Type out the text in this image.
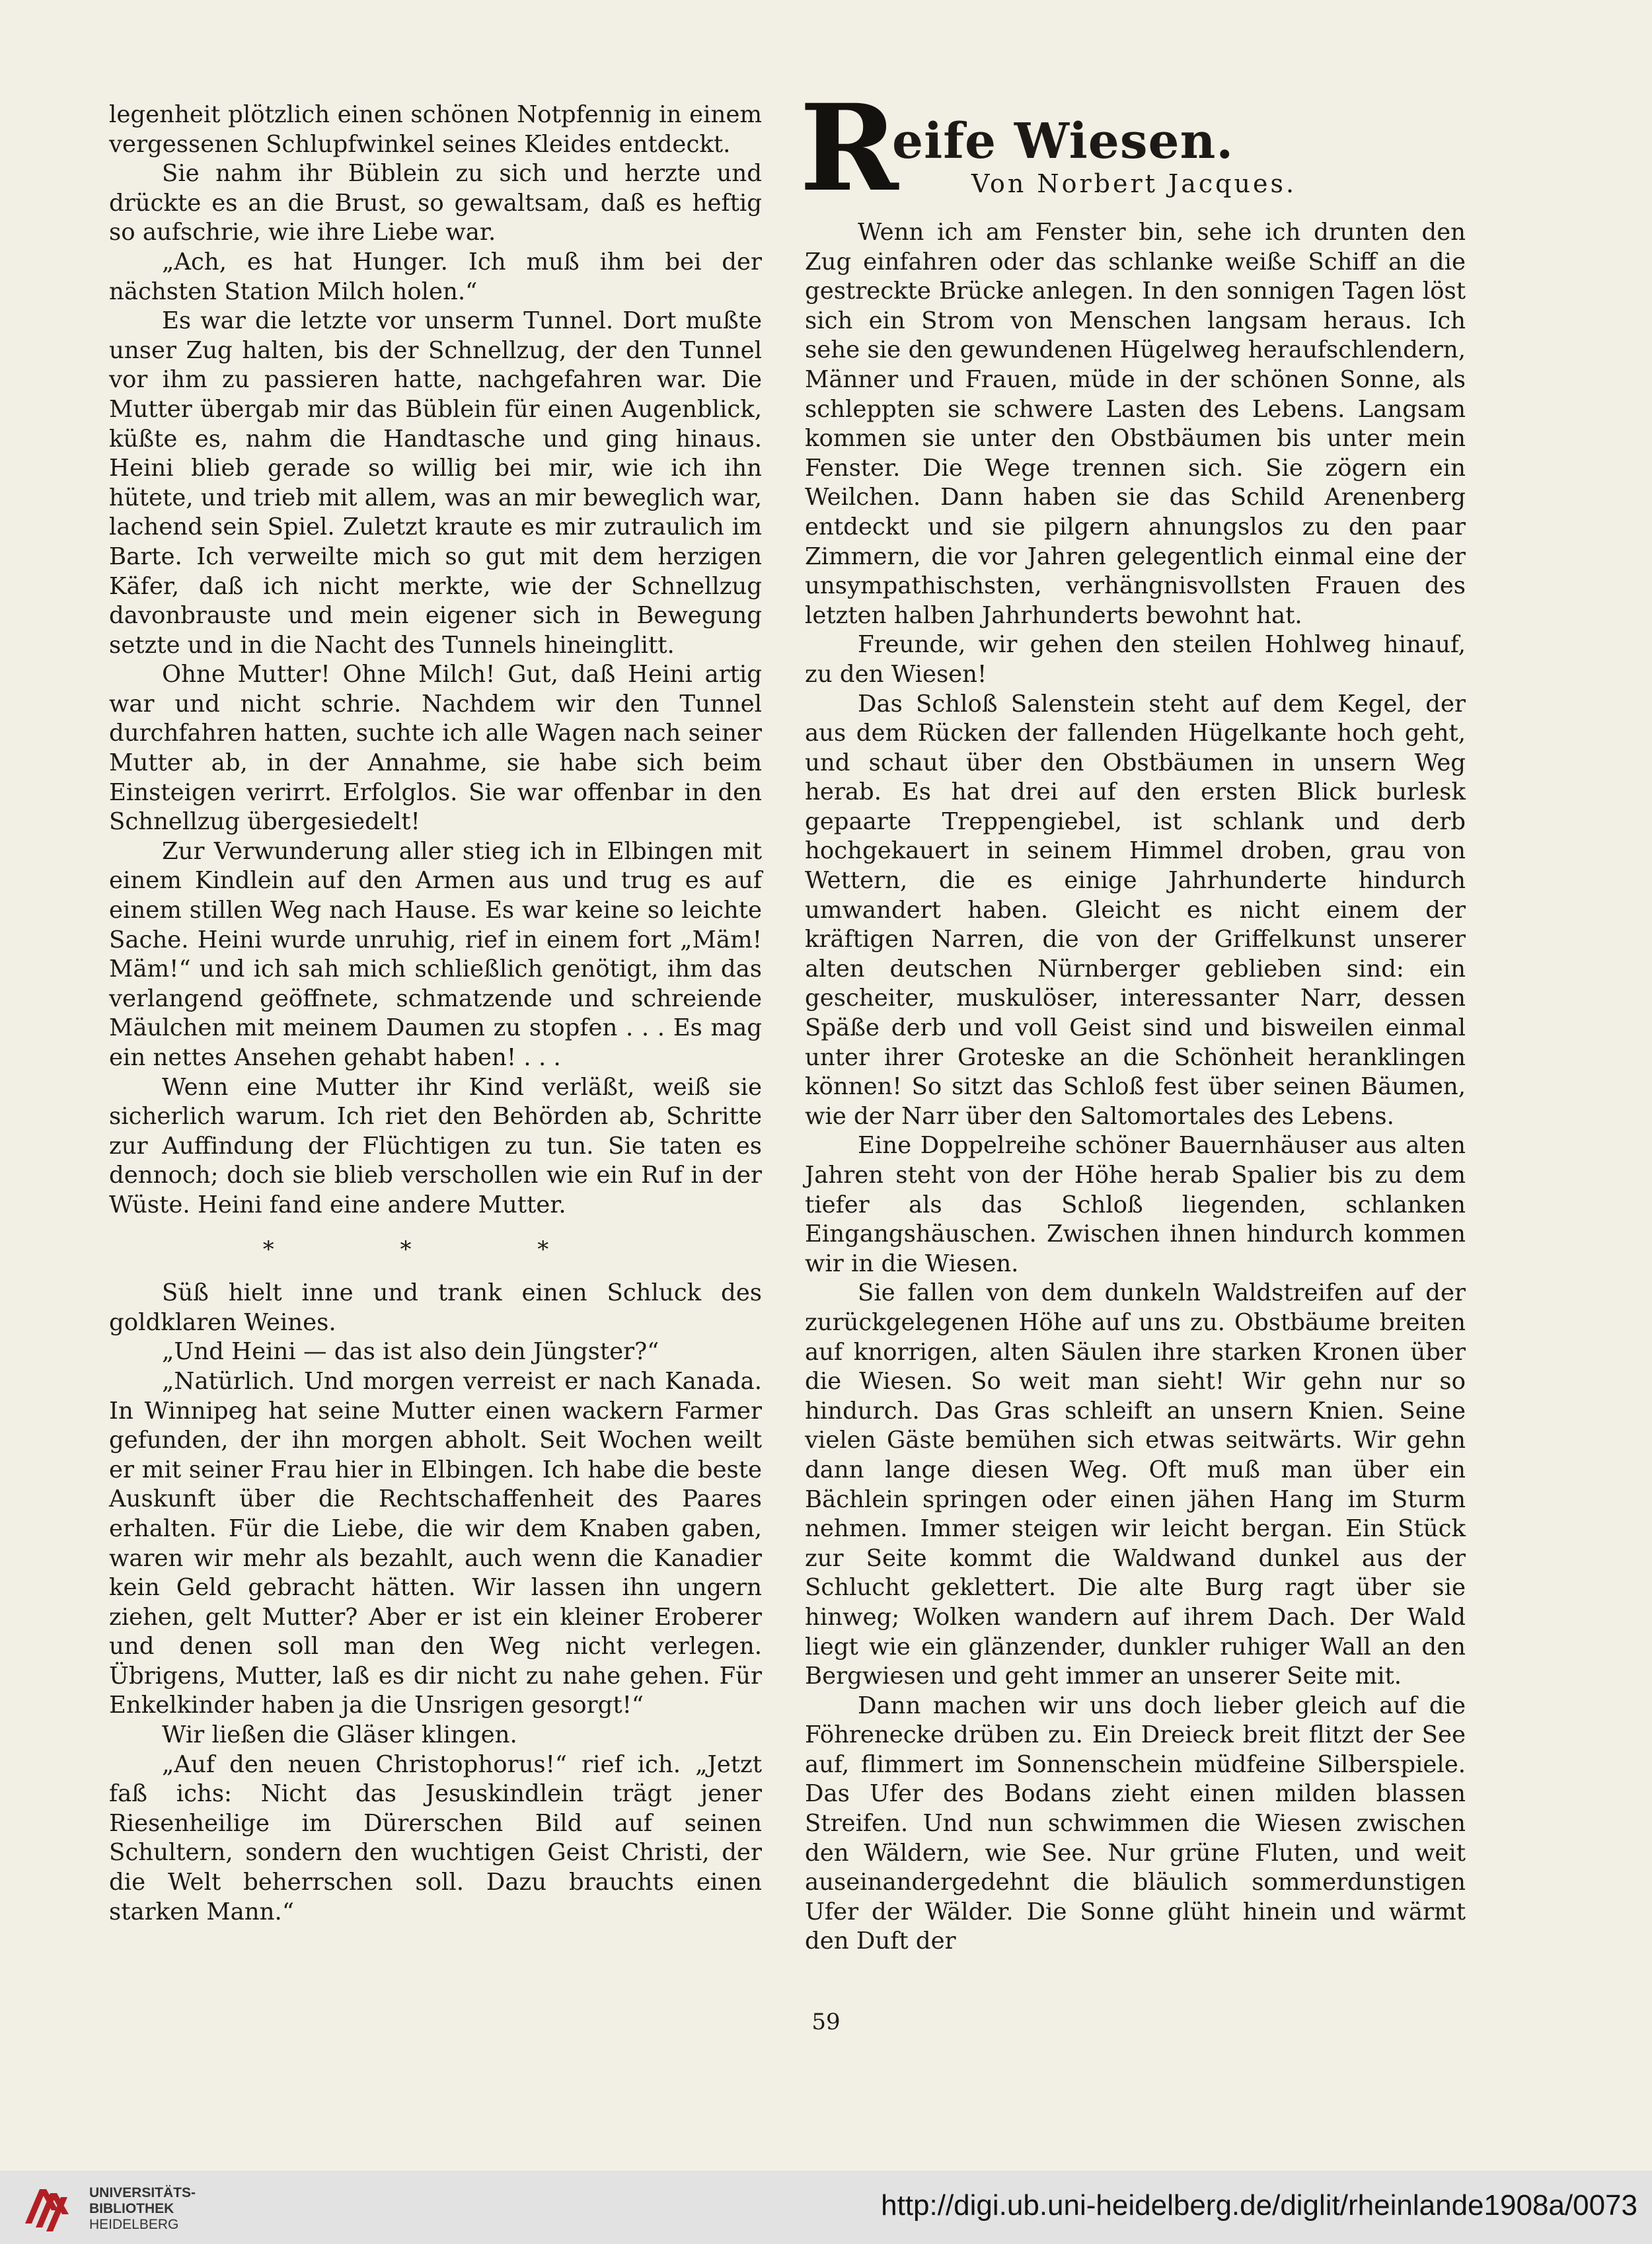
legenheit plötzlich einen schönen Notpfennig in einem vergessenen Schlupfwinkel seines Kleides entdeckt.

Sie nahm ihr Büblein zu sich und herzte und drückte es an die Brust, so gewaltsam, daß es heftig so aufschrie, wie ihre Liebe war.

„Ach, es hat Hunger. Ich muß ihm bei der nächsten Station Milch holen.“

Es war die letzte vor unserm Tunnel. Dort mußte unser Zug halten, bis der Schnellzug, der den Tunnel vor ihm zu passieren hatte, nachgefahren war. Die Mutter übergab mir das Büblein für einen Augenblick, küßte es, nahm die Handtasche und ging hinaus. Heini blieb gerade so willig bei mir, wie ich ihn hütete, und trieb mit allem, was an mir beweglich war, lachend sein Spiel. Zuletzt kraute es mir zutraulich im Barte. Ich verweilte mich so gut mit dem herzigen Käfer, daß ich nicht merkte, wie der Schnellzug davonbrauste und mein eigener sich in Bewegung setzte und in die Nacht des Tunnels hineinglitt.

Ohne Mutter! Ohne Milch! Gut, daß Heini artig war und nicht schrie. Nachdem wir den Tunnel durchfahren hatten, suchte ich alle Wagen nach seiner Mutter ab, in der Annahme, sie habe sich beim Einsteigen verirrt. Erfolglos. Sie war offenbar in den Schnellzug übergesiedelt!

Zur Verwunderung aller stieg ich in Elbingen mit einem Kindlein auf den Armen aus und trug es auf einem stillen Weg nach Hause. Es war keine so leichte Sache. Heini wurde unruhig, rief in einem fort „Mäm! Mäm!“ und ich sah mich schließlich genötigt, ihm das verlangend geöffnete, schmatzende und schreiende Mäulchen mit meinem Daumen zu stopfen . . . Es mag ein nettes Ansehen gehabt haben! . . .

Wenn eine Mutter ihr Kind verläßt, weiß sie sicherlich warum. Ich riet den Behörden ab, Schritte zur Auffindung der Flüchtigen zu tun. Sie taten es dennoch; doch sie blieb verschollen wie ein Ruf in der Wüste. Heini fand eine andere Mutter.

* * *

Süß hielt inne und trank einen Schluck des goldklaren Weines.

„Und Heini — das ist also dein Jüngster?“

„Natürlich. Und morgen verreist er nach Kanada. In Winnipeg hat seine Mutter einen wackern Farmer gefunden, der ihn morgen abholt. Seit Wochen weilt er mit seiner Frau hier in Elbingen. Ich habe die beste Auskunft über die Rechtschaffenheit des Paares erhalten. Für die Liebe, die wir dem Knaben gaben, waren wir mehr als bezahlt, auch wenn die Kanadier kein Geld gebracht hätten. Wir lassen ihn ungern ziehen, gelt Mutter? Aber er ist ein kleiner Eroberer und denen soll man den Weg nicht verlegen. Übrigens, Mutter, laß es dir nicht zu nahe gehen. Für Enkelkinder haben ja die Unsrigen gesorgt!“

Wir ließen die Gläser klingen.

„Auf den neuen Christophorus!“ rief ich. „Jetzt faß ichs: Nicht das Jesuskindlein trägt jener Riesenheilige im Dürerschen Bild auf seinen Schultern, sondern den wuchtigen Geist Christi, der die Welt beherrschen soll. Dazu brauchts einen starken Mann.“

R
eife Wiesen.
Von Norbert Jacques.

Wenn ich am Fenster bin, sehe ich drunten den Zug einfahren oder das schlanke weiße Schiff an die gestreckte Brücke anlegen. In den sonnigen Tagen löst sich ein Strom von Menschen langsam heraus. Ich sehe sie den gewundenen Hügelweg heraufschlendern, Männer und Frauen, müde in der schönen Sonne, als schleppten sie schwere Lasten des Lebens. Langsam kommen sie unter den Obstbäumen bis unter mein Fenster. Die Wege trennen sich. Sie zögern ein Weilchen. Dann haben sie das Schild Arenenberg entdeckt und sie pilgern ahnungslos zu den paar Zimmern, die vor Jahren gelegentlich einmal eine der unsympathischsten, verhängnisvollsten Frauen des letzten halben Jahrhunderts bewohnt hat.

Freunde, wir gehen den steilen Hohlweg hinauf, zu den Wiesen!

Das Schloß Salenstein steht auf dem Kegel, der aus dem Rücken der fallenden Hügelkante hoch geht, und schaut über den Obstbäumen in unsern Weg herab. Es hat drei auf den ersten Blick burlesk gepaarte Treppengiebel, ist schlank und derb hochgekauert in seinem Himmel droben, grau von Wettern, die es einige Jahrhunderte hindurch umwandert haben. Gleicht es nicht einem der kräftigen Narren, die von der Griffelkunst unserer alten deutschen Nürnberger geblieben sind: ein gescheiter, muskulöser, interessanter Narr, dessen Späße derb und voll Geist sind und bisweilen einmal unter ihrer Groteske an die Schönheit heranklingen können! So sitzt das Schloß fest über seinen Bäumen, wie der Narr über den Saltomortales des Lebens.

Eine Doppelreihe schöner Bauernhäuser aus alten Jahren steht von der Höhe herab Spalier bis zu dem tiefer als das Schloß liegenden, schlanken Eingangshäuschen. Zwischen ihnen hindurch kommen wir in die Wiesen.

Sie fallen von dem dunkeln Waldstreifen auf der zurückgelegenen Höhe auf uns zu. Obstbäume breiten auf knorrigen, alten Säulen ihre starken Kronen über die Wiesen. So weit man sieht! Wir gehn nur so hindurch. Das Gras schleift an unsern Knien. Seine vielen Gäste bemühen sich etwas seitwärts. Wir gehn dann lange diesen Weg. Oft muß man über ein Bächlein springen oder einen jähen Hang im Sturm nehmen. Immer steigen wir leicht bergan. Ein Stück zur Seite kommt die Waldwand dunkel aus der Schlucht geklettert. Die alte Burg ragt über sie hinweg; Wolken wandern auf ihrem Dach. Der Wald liegt wie ein glänzender, dunkler ruhiger Wall an den Bergwiesen und geht immer an unserer Seite mit.

Dann machen wir uns doch lieber gleich auf die Föhrenecke drüben zu. Ein Dreieck breit flitzt der See auf, flimmert im Sonnenschein müdfeine Silberspiele. Das Ufer des Bodans zieht einen milden blassen Streifen. Und nun schwimmen die Wiesen zwischen den Wäldern, wie See. Nur grüne Fluten, und weit auseinandergedehnt die bläulich sommerdunstigen Ufer der Wälder. Die Sonne glüht hinein und wärmt den Duft der

59
UNIVERSITÄTS-
BIBLIOTHEK
HEIDELBERG
http://digi.ub.uni-heidelberg.de/diglit/rheinlande1908a/0073
